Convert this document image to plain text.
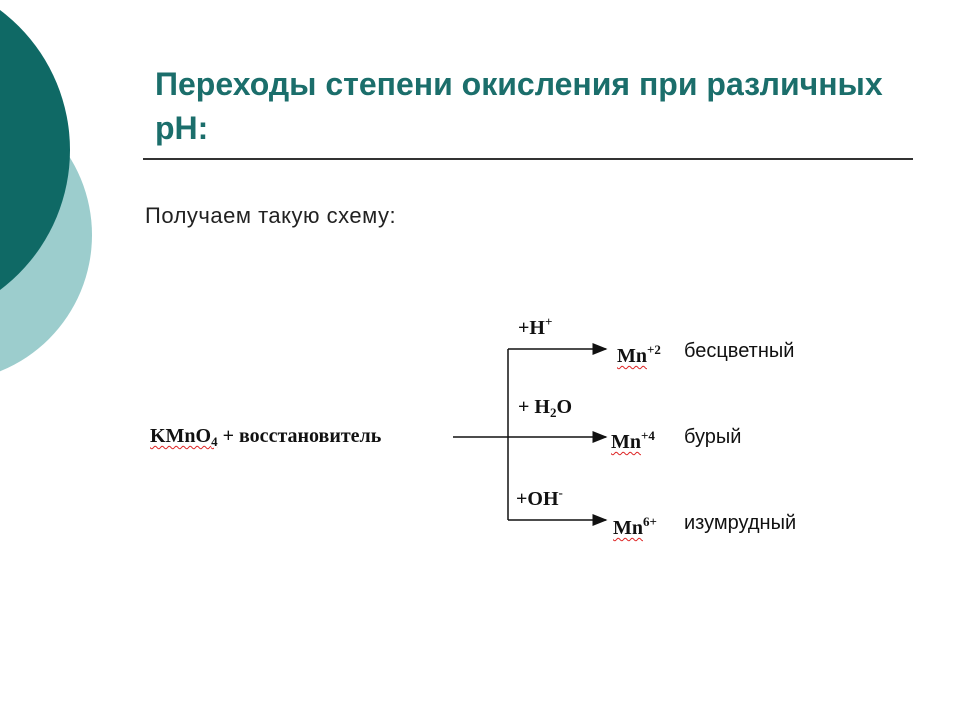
Переходы степени окисления при различных pH:
Получаем такую схему:
KMnO$_4$ + восстановитель
+H+
$Mn^{+2}$ бесцветный
+ $H_2O$
$Mn^{+4}$ бурый
+OH-
$Mn^{6+}$ изумрудный
